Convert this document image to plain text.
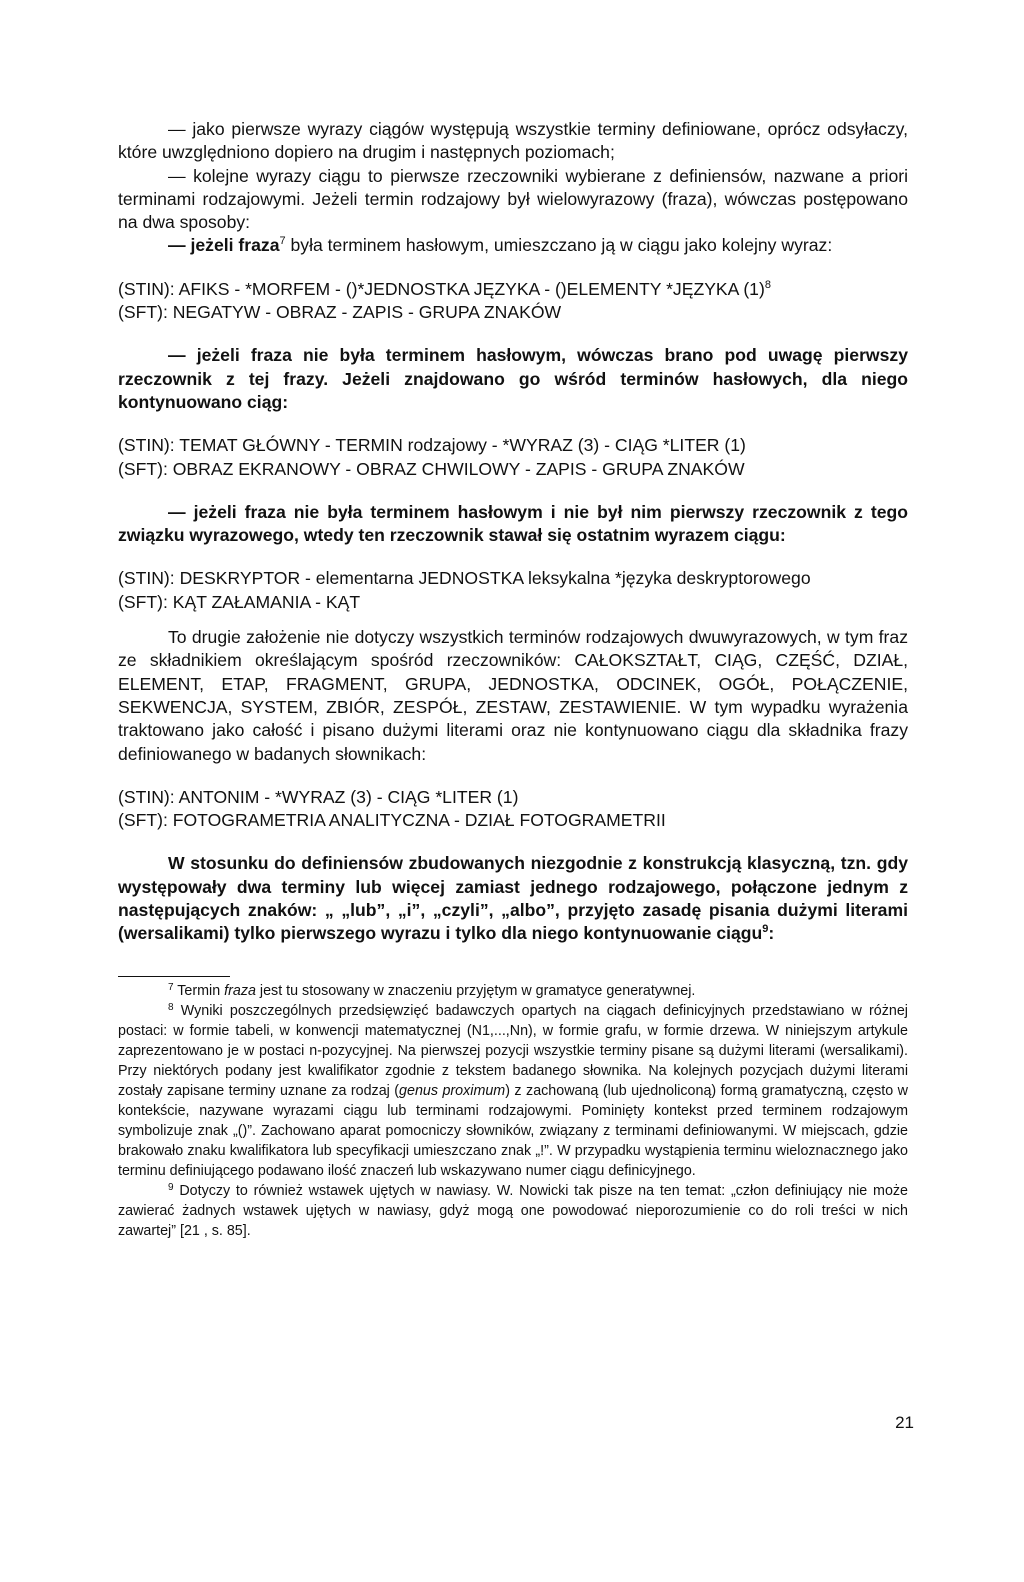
— jako pierwsze wyrazy ciągów występują wszystkie terminy definiowane, oprócz odsyłaczy, które uwzględniono dopiero na drugim i następnych poziomach;

— kolejne wyrazy ciągu to pierwsze rzeczowniki wybierane z definiensów, nazwane a priori terminami rodzajowymi. Jeżeli termin rodzajowy był wielowyrazowy (fraza), wówczas postępowano na dwa sposoby:

— jeżeli fraza$^7$ była terminem hasłowym, umieszczano ją w ciągu jako kolejny wyraz:

(STIN): AFIKS - *MORFEM - ()*JEDNOSTKA JĘZYKA - ()ELEMENTY *JĘZYKA $(1)^8$

(SFT): NEGATYW - OBRAZ - ZAPIS - GRUPA ZNAKÓW

— jeżeli fraza nie była terminem hasłowym, wówczas brano pod uwagę pierwszy rzeczownik z tej frazy. Jeżeli znajdowano go wśród terminów hasłowych, dla niego kontynuowano ciąg:

(STIN): TEMAT GŁÓWNY - TERMIN rodzajowy - *WYRAZ (3) - CIĄG *LITER (1)

(SFT): OBRAZ EKRANOWY - OBRAZ CHWILOWY - ZAPIS - GRUPA ZNAKÓW

— jeżeli fraza nie była terminem hasłowym i nie był nim pierwszy rzeczownik z tego związku wyrazowego, wtedy ten rzeczownik stawał się ostatnim wyrazem ciągu:

(STIN): DESKRYPTOR - elementarna JEDNOSTKA leksykalna *języka deskryptorowego

(SFT): KĄT ZAŁAMANIA - KĄT

To drugie założenie nie dotyczy wszystkich terminów rodzajowych dwuwyrazowych, w tym fraz ze składnikiem określającym spośród rzeczowników: CAŁOKSZTAŁT, CIĄG, CZĘŚĆ, DZIAŁ, ELEMENT, ETAP, FRAGMENT, GRUPA, JEDNOSTKA, ODCINEK, OGÓŁ, POŁĄCZENIE, SEKWENCJA, SYSTEM, ZBIÓR, ZESPÓŁ, ZESTAW, ZESTAWIENIE. W tym wypadku wyrażenia traktowano jako całość i pisano dużymi literami oraz nie kontynuowano ciągu dla składnika frazy definiowanego w badanych słownikach:

(STIN): ANTONIM - *WYRAZ (3) - CIĄG *LITER (1)

(SFT): FOTOGRAMETRIA ANALITYCZNA - DZIAŁ FOTOGRAMETRII

W stosunku do definiensów zbudowanych niezgodnie z konstrukcją klasyczną, tzn. gdy występowały dwa terminy lub więcej zamiast jednego rodzajowego, połączone jednym z następujących znaków: „ „lub”, „i”, „czyli”, „albo”, przyjęto zasadę pisania dużymi literami (wersalikami) tylko pierwszego wyrazu i tylko dla niego kontynuowanie ciągu$^9$:

$^7$ Termin fraza jest tu stosowany w znaczeniu przyjętym w gramatyce generatywnej.

$^8$ Wyniki poszczególnych przedsięwzięć badawczych opartych na ciągach definicyjnych przedstawiano w różnej postaci: w formie tabeli, w konwencji matematycznej (N1,...,Nn), w formie grafu, w formie drzewa. W niniejszym artykule zaprezentowano je w postaci n-pozycyjnej. Na pierwszej pozycji wszystkie terminy pisane są dużymi literami (wersalikami). Przy niektórych podany jest kwalifikator zgodnie z tekstem badanego słownika. Na kolejnych pozycjach dużymi literami zostały zapisane terminy uznane za rodzaj (genus proximum) z zachowaną (lub ujednoliconą) formą gramatyczną, często w kontekście, nazywane wyrazami ciągu lub terminami rodzajowymi. Pominięty kontekst przed terminem rodzajowym symbolizuje znak „()”. Zachowano aparat pomocniczy słowników, związany z terminami definiowanymi. W miejscach, gdzie brakowało znaku kwalifikatora lub specyfikacji umieszczano znak „!”. W przypadku wystąpienia terminu wieloznacznego jako terminu definiującego podawano ilość znaczeń lub wskazywano numer ciągu definicyjnego.

$^9$ Dotyczy to również wstawek ujętych w nawiasy. W. Nowicki tak pisze na ten temat: „człon definiujący nie może zawierać żadnych wstawek ujętych w nawiasy, gdyż mogą one powodować nieporozumienie co do roli treści w nich zawartej” [21 , s. 85].

21
